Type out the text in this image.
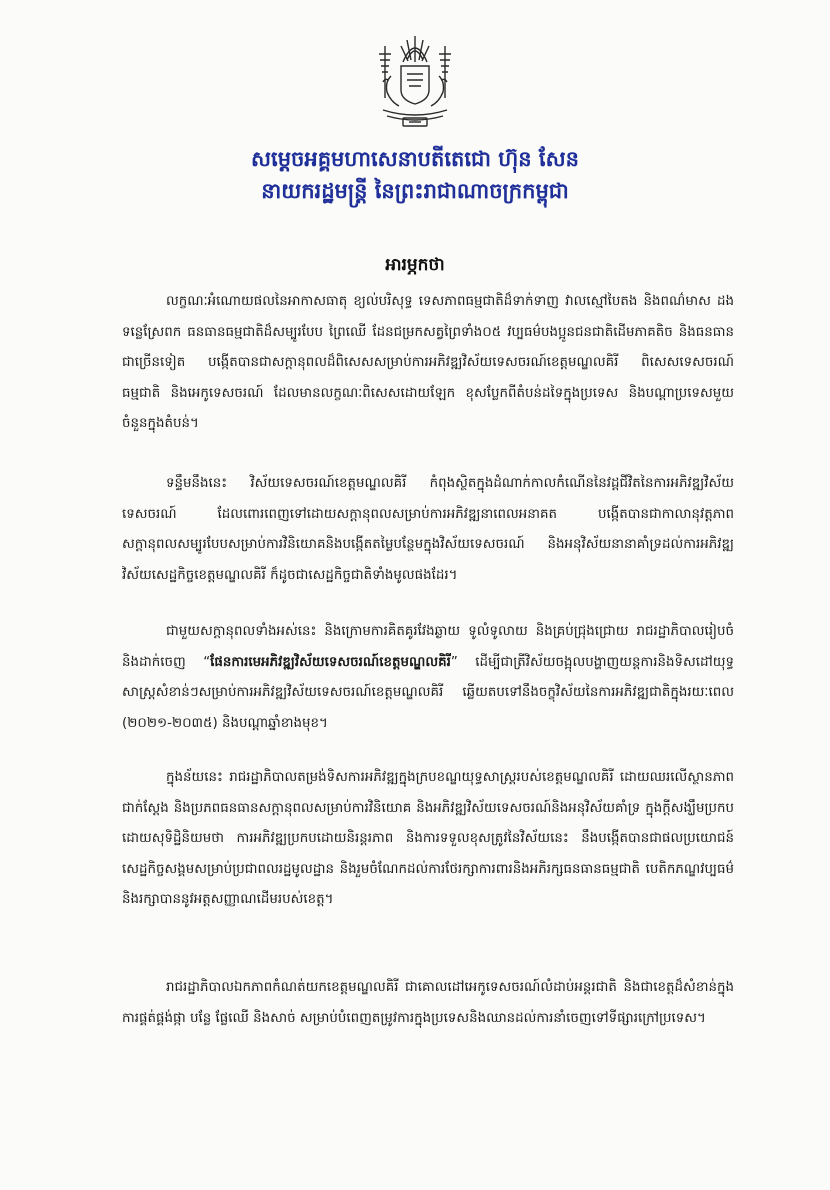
សម្តេចអគ្គមហាសេនាបតីតេជោ ហ៊ុន សែន
នាយករដ្ឋមន្ត្រី នៃព្រះរាជាណាចក្រកម្ពុជា
អារម្ភកថា
លក្ខណៈអំណោយផលនៃអាកាសធាតុ ខ្យល់បរិសុទ្ធ ទេសភាពធម្មជាតិដ៏ទាក់ទាញ វាលស្មៅបៃតង និងពណ៌មាស ដងទន្លេស្រែពក ធនធានធម្មជាតិដ៏សម្បូរបែប ព្រៃឈើ ដែនជម្រកសត្វព្រៃទាំង០៥ វប្បធម៌បងប្អូនជនជាតិដើមភាគតិច និងធនធានជាច្រើនទៀត បង្កើតបានជាសក្តានុពលដ៏ពិសេសសម្រាប់ការអភិវឌ្ឍវិស័យទេសចរណ៍ខេត្តមណ្ឌលគិរី ពិសេសទេសចរណ៍ធម្មជាតិ និងអេកូទេសចរណ៍ ដែលមានលក្ខណៈពិសេសដោយឡែក ខុសប្លែកពីតំបន់ដទៃក្នុងប្រទេស និងបណ្តាប្រទេសមួយចំនួនក្នុងតំបន់។
ទន្ទឹមនឹងនេះ វិស័យទេសចរណ៍ខេត្តមណ្ឌលគិរី កំពុងស្ថិតក្នុងដំណាក់កាលកំណើននៃវដ្តជីវិតនៃការអភិវឌ្ឍវិស័យទេសចរណ៍ ដែលពោរពេញទៅដោយសក្តានុពលសម្រាប់ការអភិវឌ្ឍនាពេលអនាគត បង្កើតបានជាកាលានុវត្តភាពសក្តានុពលសម្បូរបែបសម្រាប់ការវិនិយោគនិងបង្កើតតម្លៃបន្ថែមក្នុងវិស័យទេសចរណ៍ និងអនុវិស័យនានាគាំទ្រដល់ការអភិវឌ្ឍវិស័យសេដ្ឋកិច្ចខេត្តមណ្ឌលគិរី ក៏ដូចជាសេដ្ឋកិច្ចជាតិទាំងមូលផងដែរ។
ជាមួយសក្តានុពលទាំងអស់នេះ និងក្រោមការគិតគូរវែងឆ្ងាយ ទូលំទូលាយ និងគ្រប់ជ្រុងជ្រោយ រាជរដ្ឋាភិបាលរៀបចំនិងដាក់ចេញ “ផែនការមេអភិវឌ្ឍវិស័យទេសចរណ៍ខេត្តមណ្ឌលគិរី” ដើម្បីជាត្រីវិស័យចង្អុលបង្ហាញយន្តការនិងទិសដៅយុទ្ធសាស្ត្រសំខាន់ៗសម្រាប់ការអភិវឌ្ឍវិស័យទេសចរណ៍ខេត្តមណ្ឌលគិរី ឆ្លើយតបទៅនឹងចក្ខុវិស័យនៃការអភិវឌ្ឍជាតិក្នុងរយៈពេល (២០២១-២០៣៥) និងបណ្តាឆ្នាំខាងមុខ។
ក្នុងន័យនេះ រាជរដ្ឋាភិបាលតម្រង់ទិសការអភិវឌ្ឍក្នុងក្របខណ្ឌយុទ្ធសាស្ត្ររបស់ខេត្តមណ្ឌលគិរី ដោយឈរលើស្ថានភាពជាក់ស្តែង និងប្រភពធនធានសក្តានុពលសម្រាប់ការវិនិយោគ និងអភិវឌ្ឍវិស័យទេសចរណ៍និងអនុវិស័យគាំទ្រ ក្នុងក្តីសង្ឃឹមប្រកបដោយសុទិដ្ឋិនិយមថា ការអភិវឌ្ឍប្រកបដោយនិរន្តរភាព និងការទទួលខុសត្រូវនៃវិស័យនេះ នឹងបង្កើតបានជាផលប្រយោជន៍សេដ្ឋកិច្ចសង្គមសម្រាប់ប្រជាពលរដ្ឋមូលដ្ឋាន និងរួមចំណែកដល់ការថែរក្សាការពារនិងអភិរក្សធនធានធម្មជាតិ បេតិកភណ្ឌវប្បធម៌ និងរក្សាបាននូវអត្តសញ្ញាណដើមរបស់ខេត្ត។
រាជរដ្ឋាភិបាលឯកភាពកំណត់យកខេត្តមណ្ឌលគិរី ជាគោលដៅអេកូទេសចរណ៍លំដាប់អន្តរជាតិ និងជាខេត្តដ៏សំខាន់ក្នុងការផ្គត់ផ្គង់ផ្កា បន្លែ ផ្លែឈើ និងសាច់ សម្រាប់បំពេញតម្រូវការក្នុងប្រទេសនិងឈានដល់ការនាំចេញទៅទីផ្សារក្រៅប្រទេស។
